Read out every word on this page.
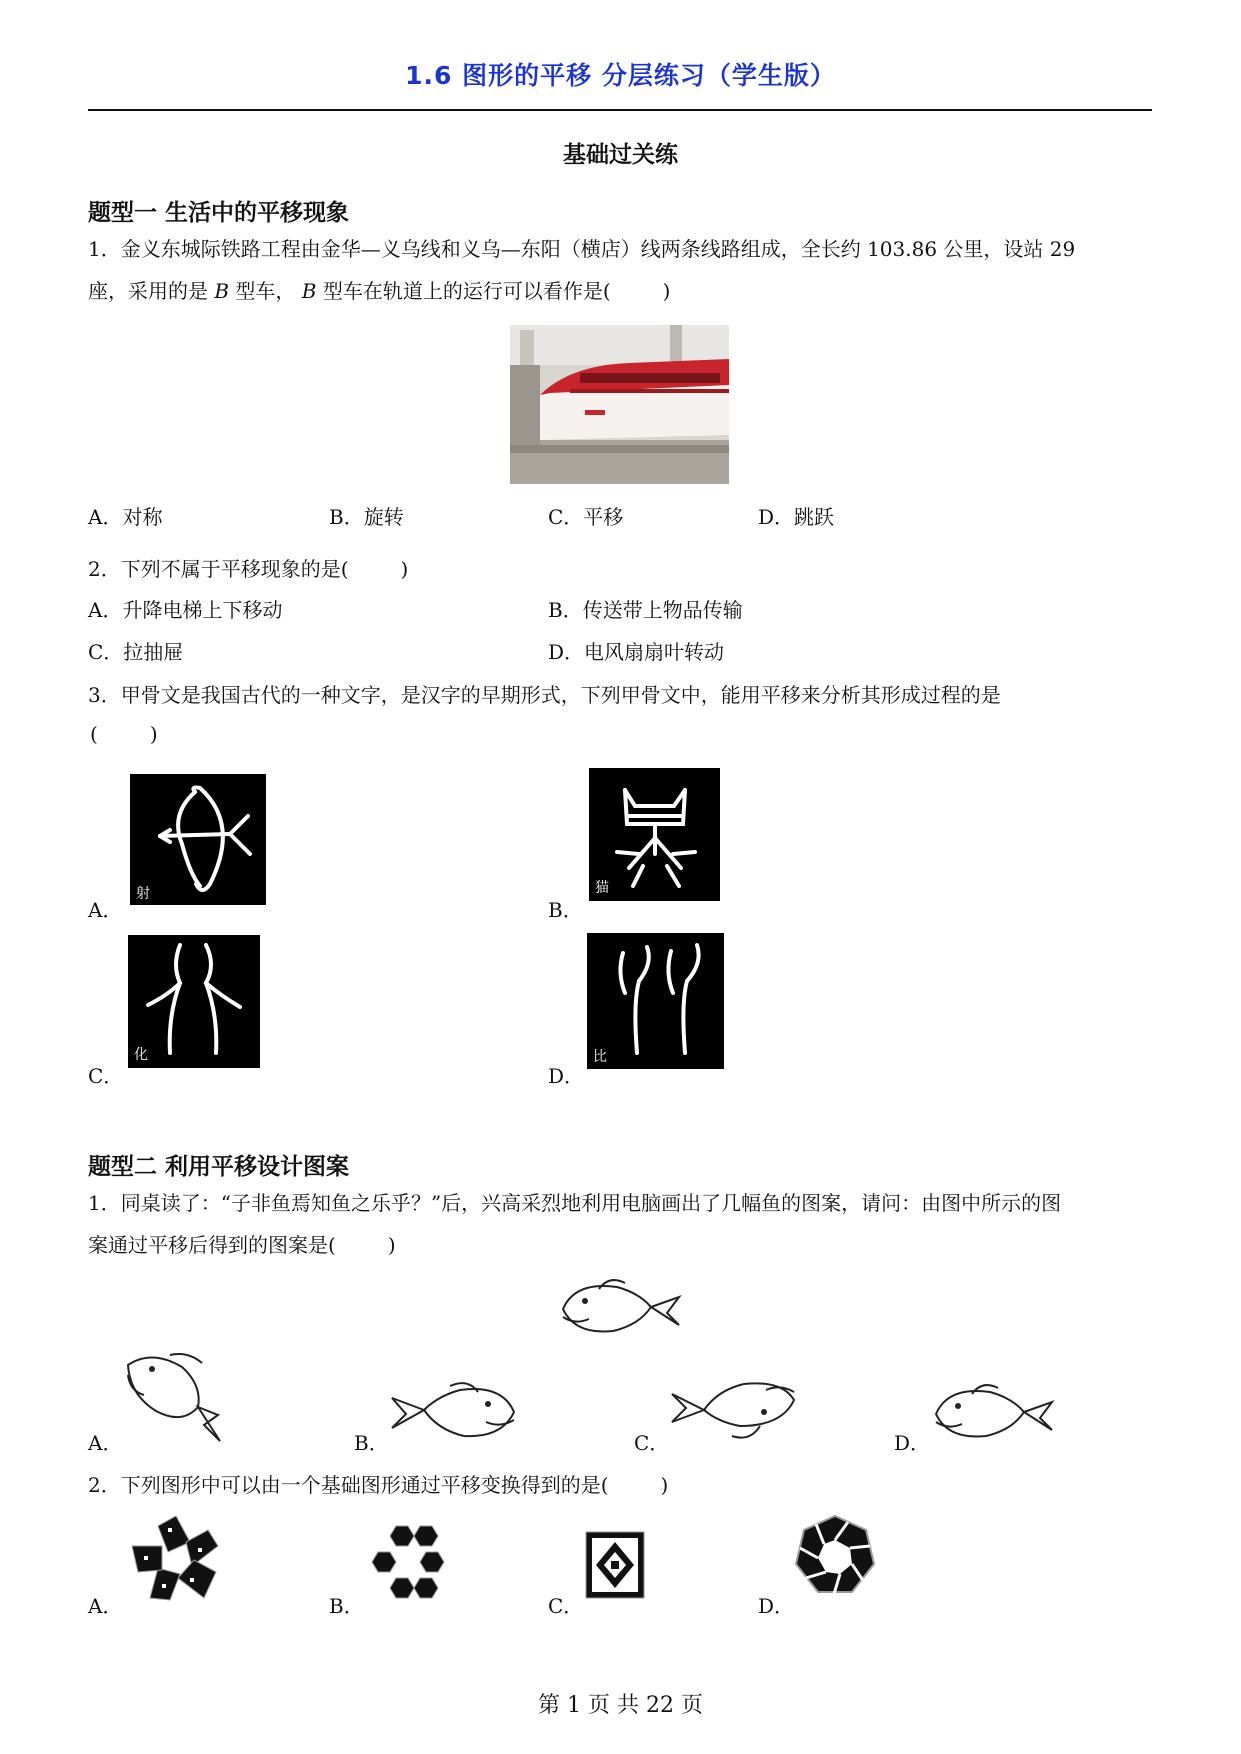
1.6 图形的平移 分层练习（学生版）
基础过关练
题型一 生活中的平移现象
1．金义东城际铁路工程由金华—义乌线和义乌—东阳（横店）线两条线路组成，全长约 103.86 公里，设站 29
座，采用的是 B 型车， B 型车在轨道上的运行可以看作是(	)
A．对称	B．旋转	C．平移	D．跳跃
2．下列不属于平移现象的是(	)
A．升降电梯上下移动	B．传送带上物品传输
C．拉抽屉	D．电风扇扇叶转动
3．甲骨文是我国古代的一种文字，是汉字的早期形式，下列甲骨文中，能用平移来分析其形成过程的是
(	)
A．
射
B．
猫
C．
化
D．
比
题型二 利用平移设计图案
1．同桌读了：“子非鱼焉知鱼之乐乎？”后，兴高采烈地利用电脑画出了几幅鱼的图案，请问：由图中所示的图
案通过平移后得到的图案是(	)
A．	B．	C．	D．
2．下列图形中可以由一个基础图形通过平移变换得到的是(	)
A．	B．	C．	D．
第 1 页 共 22 页
